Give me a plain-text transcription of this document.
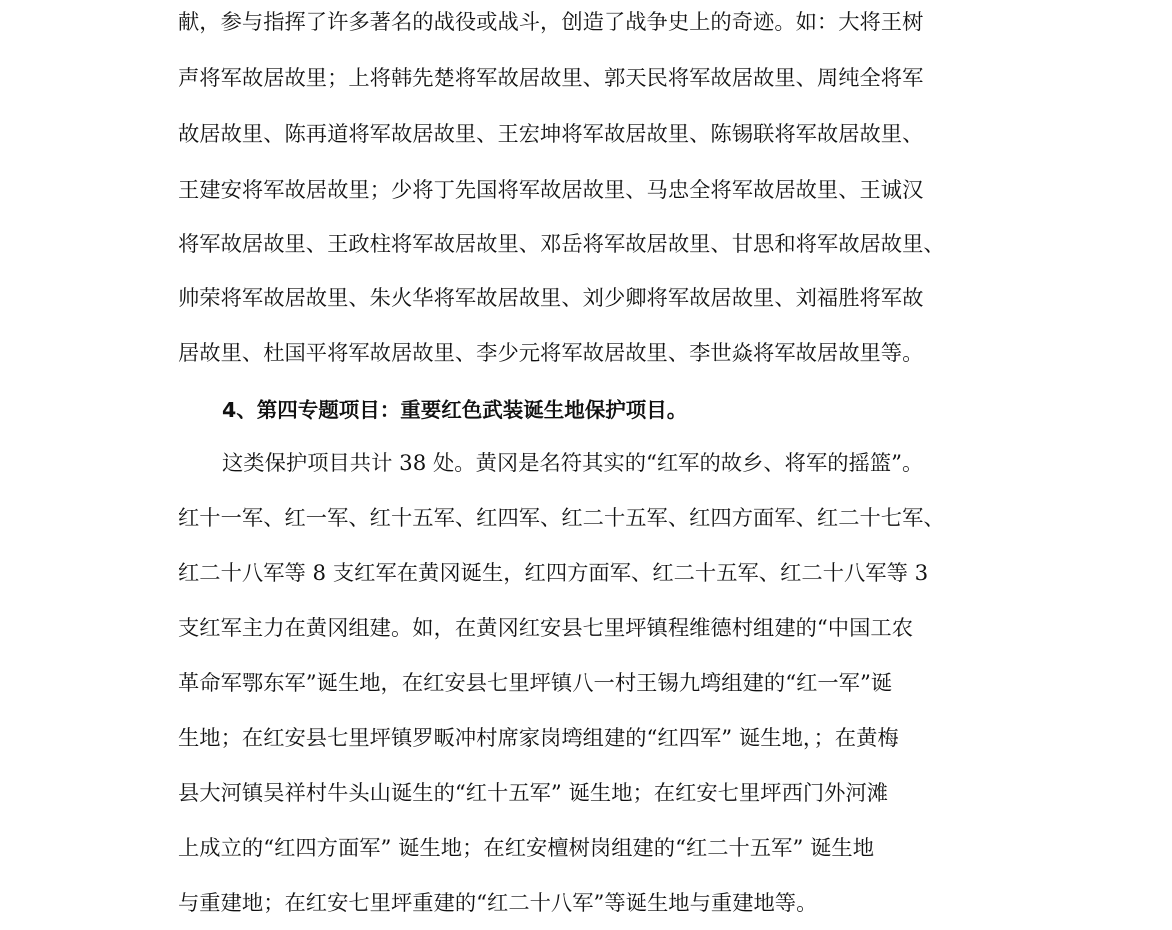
献，参与指挥了许多著名的战役或战斗，创造了战争史上的奇迹。如：大将王树
声将军故居故里；上将韩先楚将军故居故里、郭天民将军故居故里、周纯全将军
故居故里、陈再道将军故居故里、王宏坤将军故居故里、陈锡联将军故居故里、
王建安将军故居故里；少将丁先国将军故居故里、马忠全将军故居故里、王诚汉
将军故居故里、王政柱将军故居故里、邓岳将军故居故里、甘思和将军故居故里、
帅荣将军故居故里、朱火华将军故居故里、刘少卿将军故居故里、刘福胜将军故
居故里、杜国平将军故居故里、李少元将军故居故里、李世焱将军故居故里等。
4、第四专题项目：重要红色武装诞生地保护项目。
这类保护项目共计 38 处。黄冈是名符其实的“红军的故乡、将军的摇篮”。
红十一军、红一军、红十五军、红四军、红二十五军、红四方面军、红二十七军、
红二十八军等 8 支红军在黄冈诞生，红四方面军、红二十五军、红二十八军等 3
支红军主力在黄冈组建。如，在黄冈红安县七里坪镇程维德村组建的“中国工农
革命军鄂东军”诞生地，在红安县七里坪镇八一村王锡九塆组建的“红一军”诞
生地；在红安县七里坪镇罗畈冲村席家岗塆组建的“红四军” 诞生地，；在黄梅
县大河镇吴祥村牛头山诞生的“红十五军” 诞生地；在红安七里坪西门外河滩
上成立的“红四方面军” 诞生地；在红安檀树岗组建的“红二十五军” 诞生地
与重建地；在红安七里坪重建的“红二十八军”等诞生地与重建地等。
